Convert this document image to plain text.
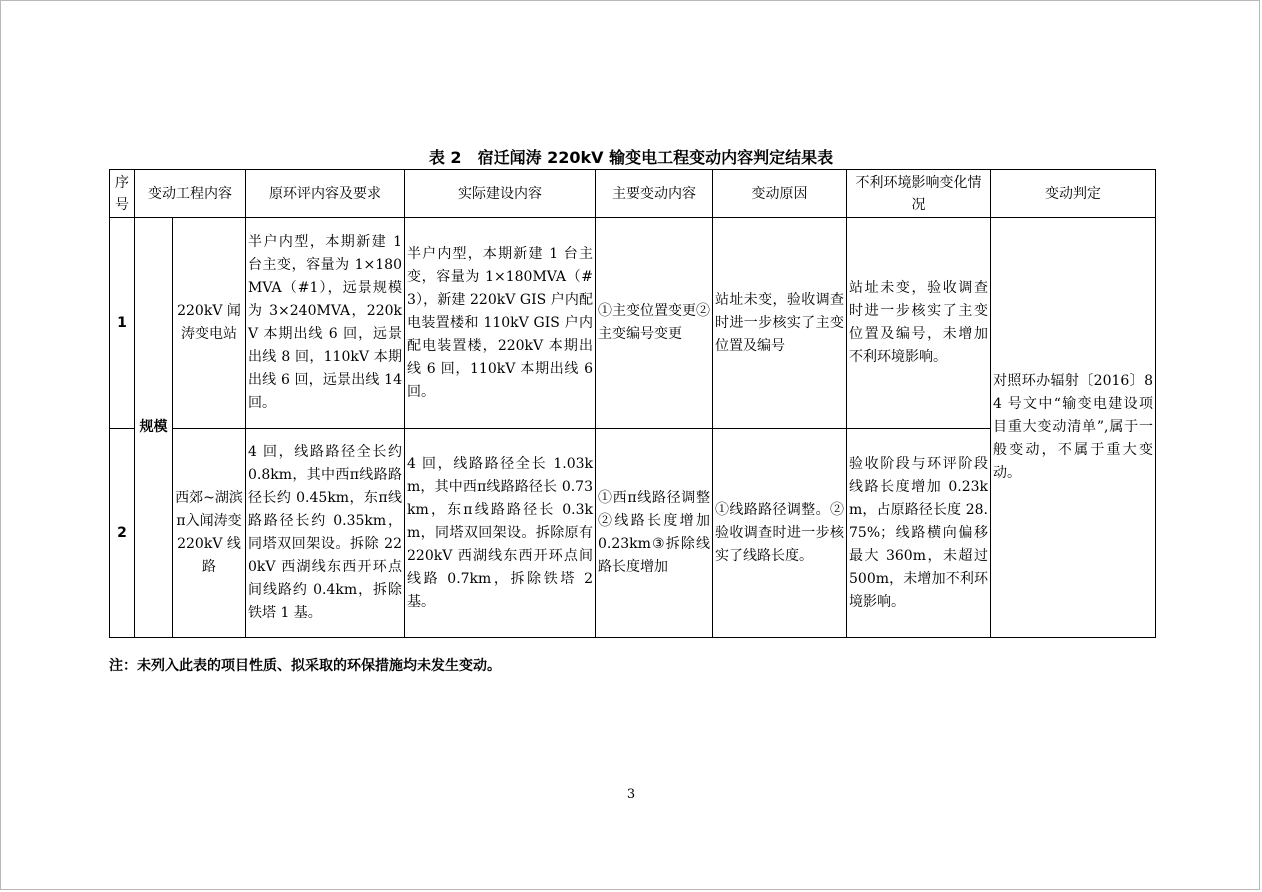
表 2　宿迁闻涛 220kV 输变电工程变动内容判定结果表
序号	变动工程内容		原环评内容及要求	实际建设内容	主要变动内容	变动原因	不利环境影响变化情况	变动判定
1	规模	220kV 闻涛变电站	半户内型，本期新建 1 台主变，容量为 1×180MVA（#1），远景规模为 3×240MVA，220kV 本期出线 6 回，远景出线 8 回，110kV 本期出线 6 回，远景出线 14 回。	半户内型，本期新建 1 台主变，容量为 1×180MVA（#3），新建 220kV GIS 户内配电装置楼和 110kV GIS 户内配电装置楼，220kV 本期出线 6 回，110kV 本期出线 6 回。	①主变位置变更②主变编号变更	站址未变，验收调查时进一步核实了主变位置及编号	站址未变，验收调查时进一步核实了主变位置及编号，未增加不利环境影响。	对照环办辐射〔2016〕84 号文中“输变电建设项目重大变动清单”,属于一般变动，不属于重大变动。
2		西郊~湖滨π入闻涛变 220kV 线路	4 回，线路路径全长约 0.8km，其中西π线路路径长约 0.45km，东π线路路径长约 0.35km，同塔双回架设。拆除 220kV 西湖线东西开环点间线路约 0.4km，拆除铁塔 1 基。	4 回，线路路径全长 1.03km，其中西π线路路径长 0.73km，东π线路路径长 0.3km，同塔双回架设。拆除原有 220kV 西湖线东西开环点间线路 0.7km，拆除铁塔 2 基。	①西π线路径调整②线路长度增加 0.23km③拆除线路长度增加	①线路路径调整。②验收调查时进一步核实了线路长度。	验收阶段与环评阶段线路长度增加 0.23km，占原路径长度 28.75%；线路横向偏移最大 360m，未超过 500m，未增加不利环境影响。	
注：未列入此表的项目性质、拟采取的环保措施均未发生变动。
3
